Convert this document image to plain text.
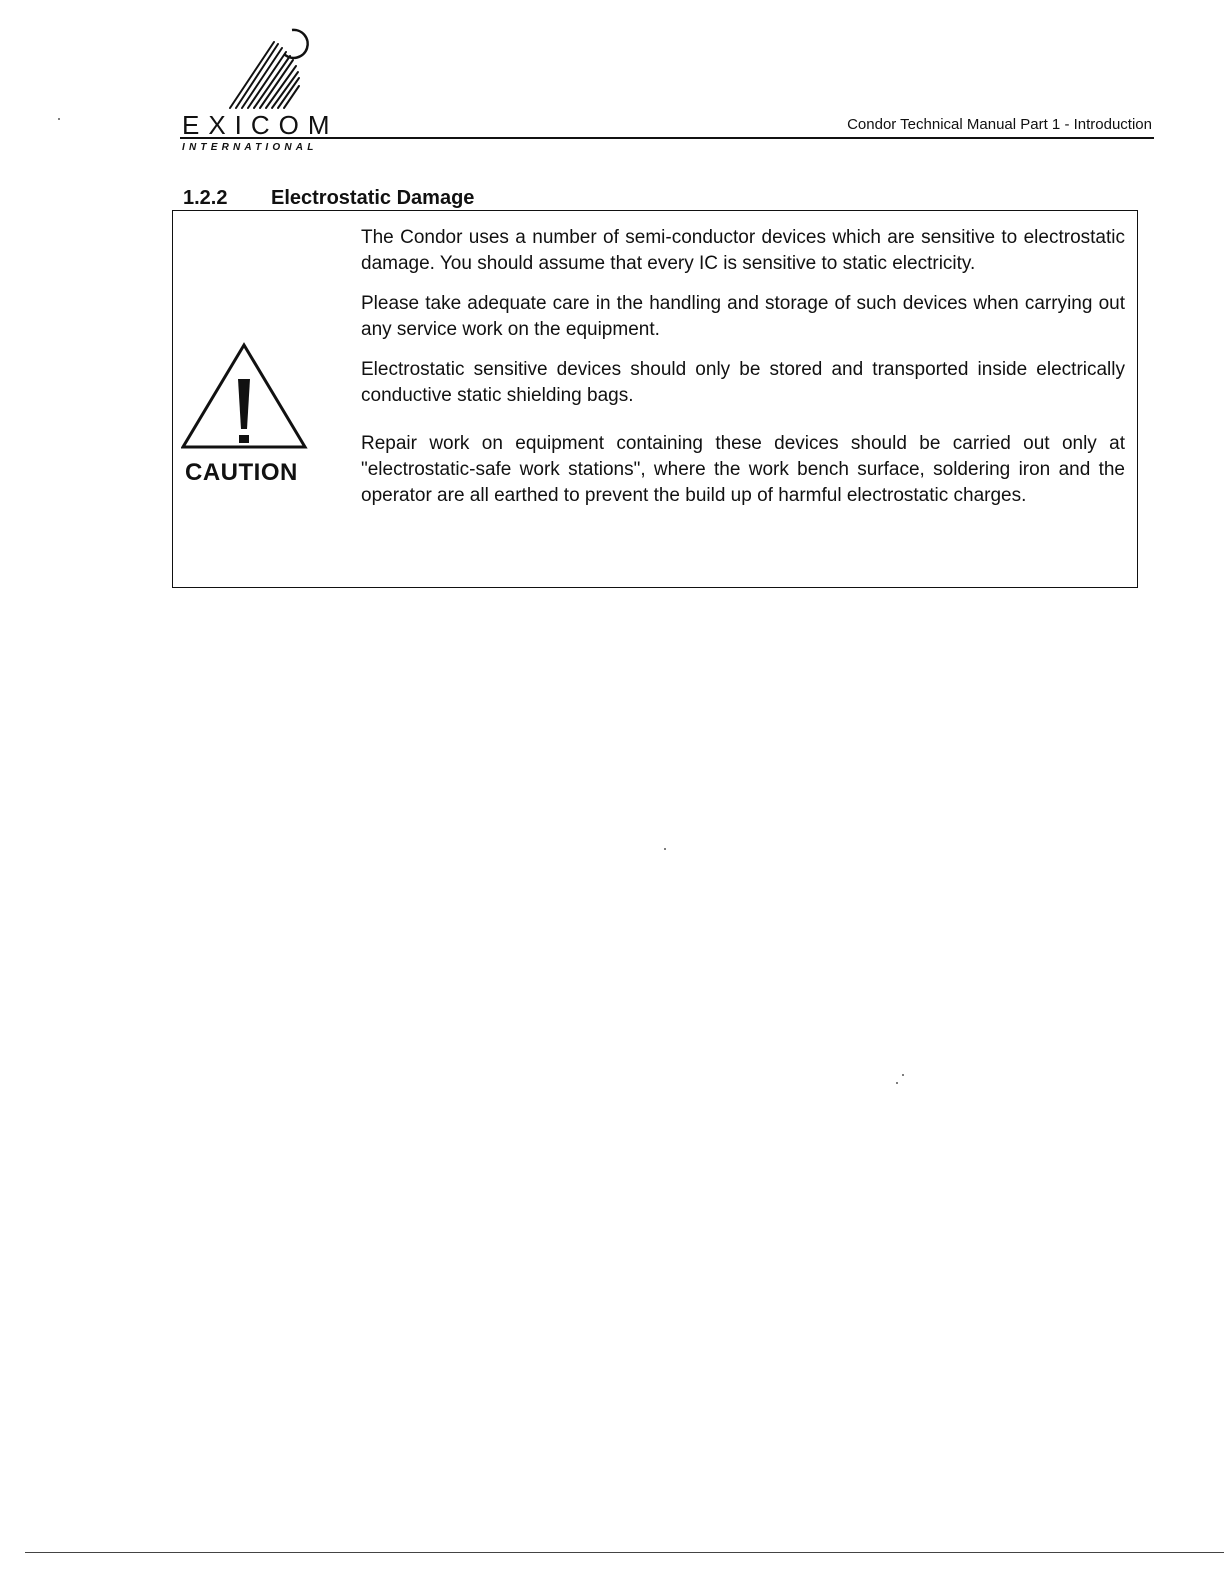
EXICOM
INTERNATIONAL
Condor Technical Manual Part 1 - Introduction
1.2.2 Electrostatic Damage
CAUTION

The Condor uses a number of semi-conductor devices which are sensitive to electrostatic damage. You should assume that every IC is sensitive to static electricity.

Please take adequate care in the handling and storage of such devices when carrying out any service work on the equipment.

Electrostatic sensitive devices should only be stored and transported inside electrically conductive static shielding bags.

Repair work on equipment containing these devices should be carried out only at "electrostatic-safe work stations", where the work bench surface, soldering iron and the operator are all earthed to prevent the build up of harmful electrostatic charges.
